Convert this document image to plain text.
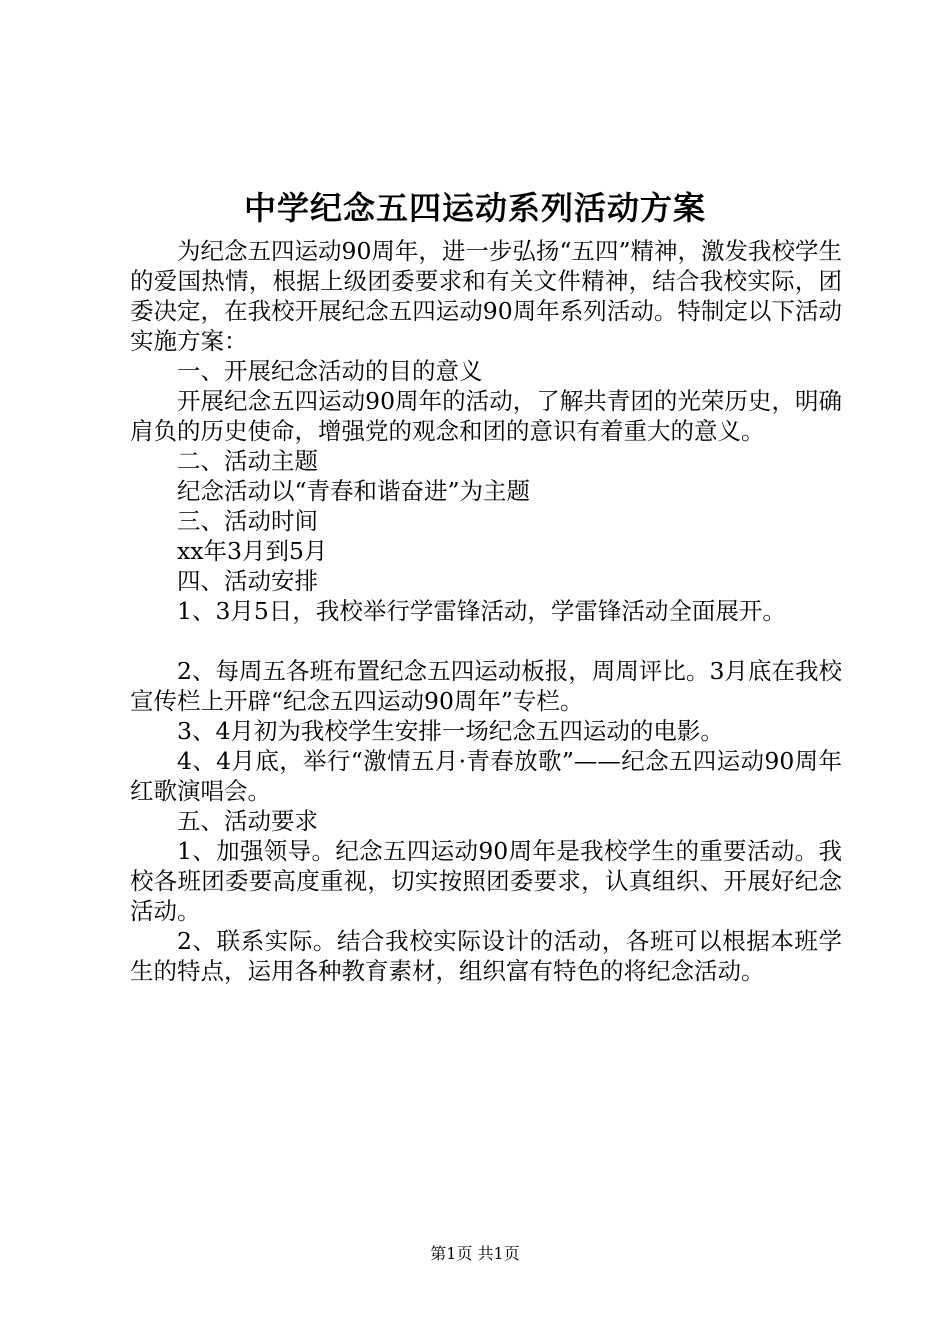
中学纪念五四运动系列活动方案

为纪念五四运动90周年，进一步弘扬“五四”精神，激发我校学生的爱国热情，根据上级团委要求和有关文件精神，结合我校实际，团委决定，在我校开展纪念五四运动90周年系列活动。特制定以下活动实施方案：

一、开展纪念活动的目的意义

开展纪念五四运动90周年的活动，了解共青团的光荣历史，明确肩负的历史使命，增强党的观念和团的意识有着重大的意义。

二、活动主题

纪念活动以“青春和谐奋进”为主题

三、活动时间

xx年3月到5月

四、活动安排

1、3月5日，我校举行学雷锋活动，学雷锋活动全面展开。

2、每周五各班布置纪念五四运动板报，周周评比。3月底在我校宣传栏上开辟“纪念五四运动90周年”专栏。

3、4月初为我校学生安排一场纪念五四运动的电影。

4、4月底，举行“激情五月·青春放歌”——纪念五四运动90周年红歌演唱会。

五、活动要求

1、加强领导。纪念五四运动90周年是我校学生的重要活动。我校各班团委要高度重视，切实按照团委要求，认真组织、开展好纪念活动。

2、联系实际。结合我校实际设计的活动，各班可以根据本班学生的特点，运用各种教育素材，组织富有特色的将纪念活动。

第1页 共1页
